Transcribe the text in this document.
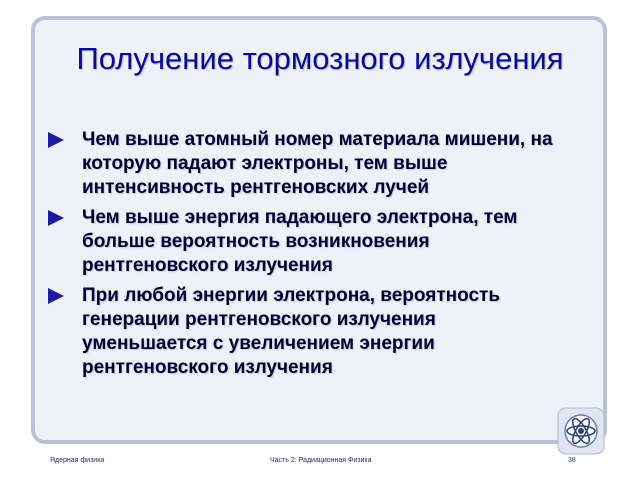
Получение тормозного излучения
Чем выше атомный номер материала мишени, на которую падают электроны, тем выше интенсивность рентгеновских лучей
Чем выше энергия падающего электрона, тем больше вероятность возникновения рентгеновского излучения
При любой энергии электрона, вероятность генерации рентгеновского излучения уменьшается с увеличением энергии рентгеновского излучения
Ядерная физика	Часть 2: Радиационная Физика	38
